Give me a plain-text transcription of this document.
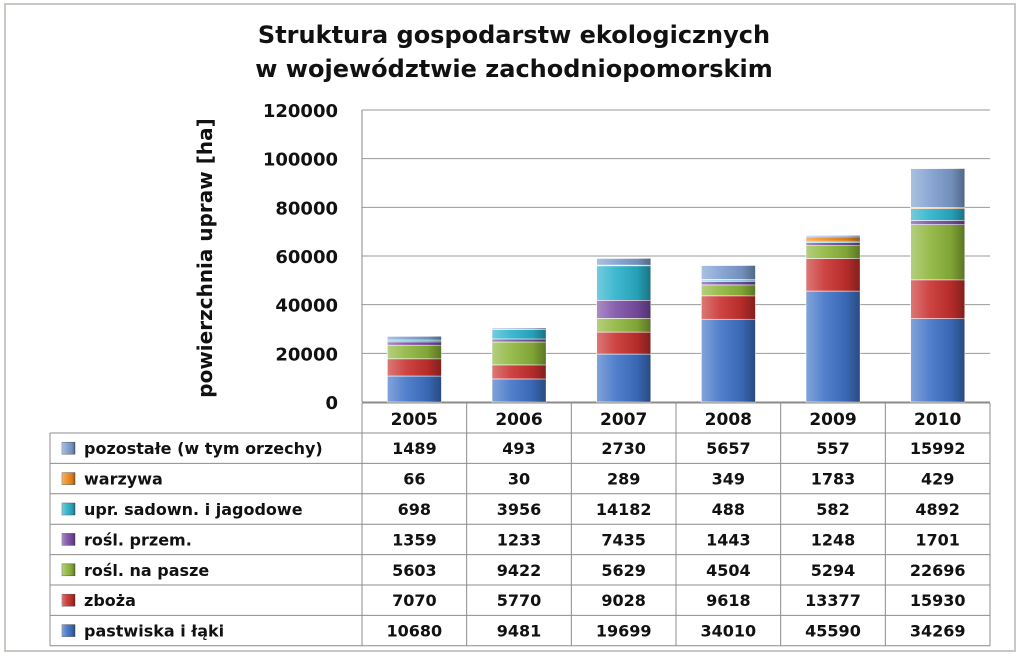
Struktura gospodarstw ekologicznych
w województwie zachodniopomorskim
powierzchnia upraw [ha]
0
20000
40000
60000
80000
100000
120000
2005	2006	2007	2008	2009	2010
pozostałe (w tym orzechy)	1489	493	2730	5657	557	15992
warzywa	66	30	289	349	1783	429
upr. sadown. i jagodowe	698	3956	14182	488	582	4892
rośl. przem.	1359	1233	7435	1443	1248	1701
rośl. na pasze	5603	9422	5629	4504	5294	22696
zboża	7070	5770	9028	9618	13377	15930
pastwiska i łąki	10680	9481	19699	34010	45590	34269
